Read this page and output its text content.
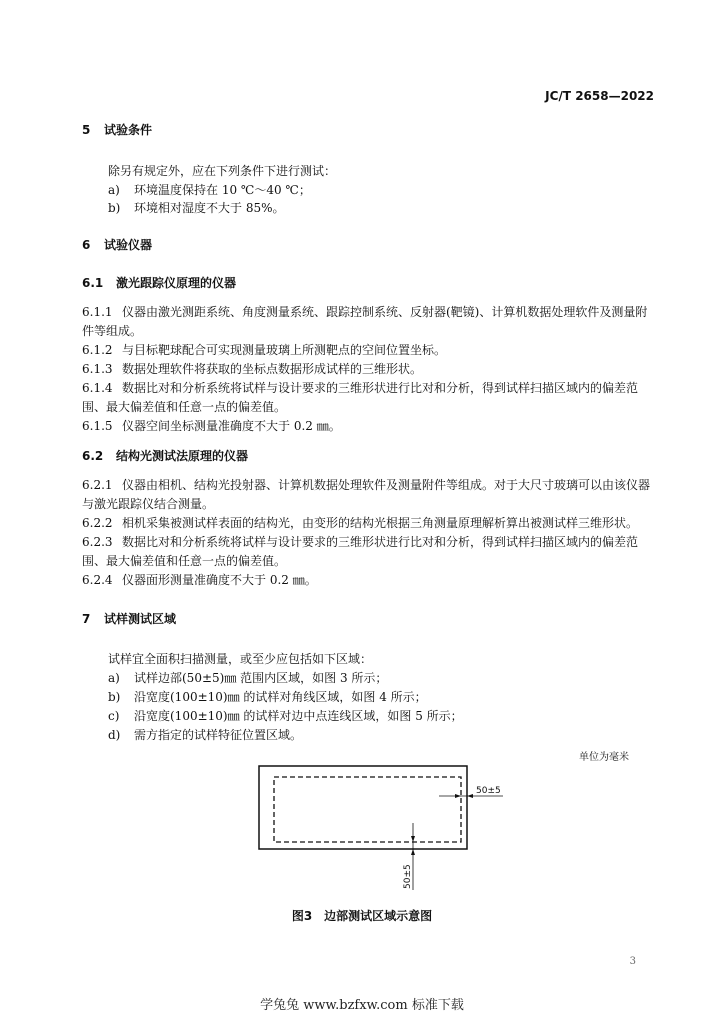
JC/T 2658—2022
5 试验条件
除另有规定外，应在下列条件下进行测试：
a) 环境温度保持在 10 ℃～40 ℃；
b) 环境相对湿度不大于 85%。
6 试验仪器
6.1 激光跟踪仪原理的仪器
6.1.1 仪器由激光测距系统、角度测量系统、跟踪控制系统、反射器(靶镜)、计算机数据处理软件及测量附件等组成。
6.1.2 与目标靶球配合可实现测量玻璃上所测靶点的空间位置坐标。
6.1.3 数据处理软件将获取的坐标点数据形成试样的三维形状。
6.1.4 数据比对和分析系统将试样与设计要求的三维形状进行比对和分析，得到试样扫描区域内的偏差范围、最大偏差值和任意一点的偏差值。
6.1.5 仪器空间坐标测量准确度不大于 0.2 ㎜。
6.2 结构光测试法原理的仪器
6.2.1 仪器由相机、结构光投射器、计算机数据处理软件及测量附件等组成。对于大尺寸玻璃可以由该仪器与激光跟踪仪结合测量。
6.2.2 相机采集被测试样表面的结构光，由变形的结构光根据三角测量原理解析算出被测试样三维形状。
6.2.3 数据比对和分析系统将试样与设计要求的三维形状进行比对和分析，得到试样扫描区域内的偏差范围、最大偏差值和任意一点的偏差值。
6.2.4 仪器面形测量准确度不大于 0.2 ㎜。
7 试样测试区域
试样宜全面积扫描测量，或至少应包括如下区域：
a) 试样边部(50±5)㎜ 范围内区域，如图 3 所示；
b) 沿宽度(100±10)㎜ 的试样对角线区域，如图 4 所示；
c) 沿宽度(100±10)㎜ 的试样对边中点连线区域，如图 5 所示；
d) 需方指定的试样特征位置区域。
单位为毫米
50±5
50±5
图3　边部测试区域示意图
3
学兔兔 www.bzfxw.com 标准下载
